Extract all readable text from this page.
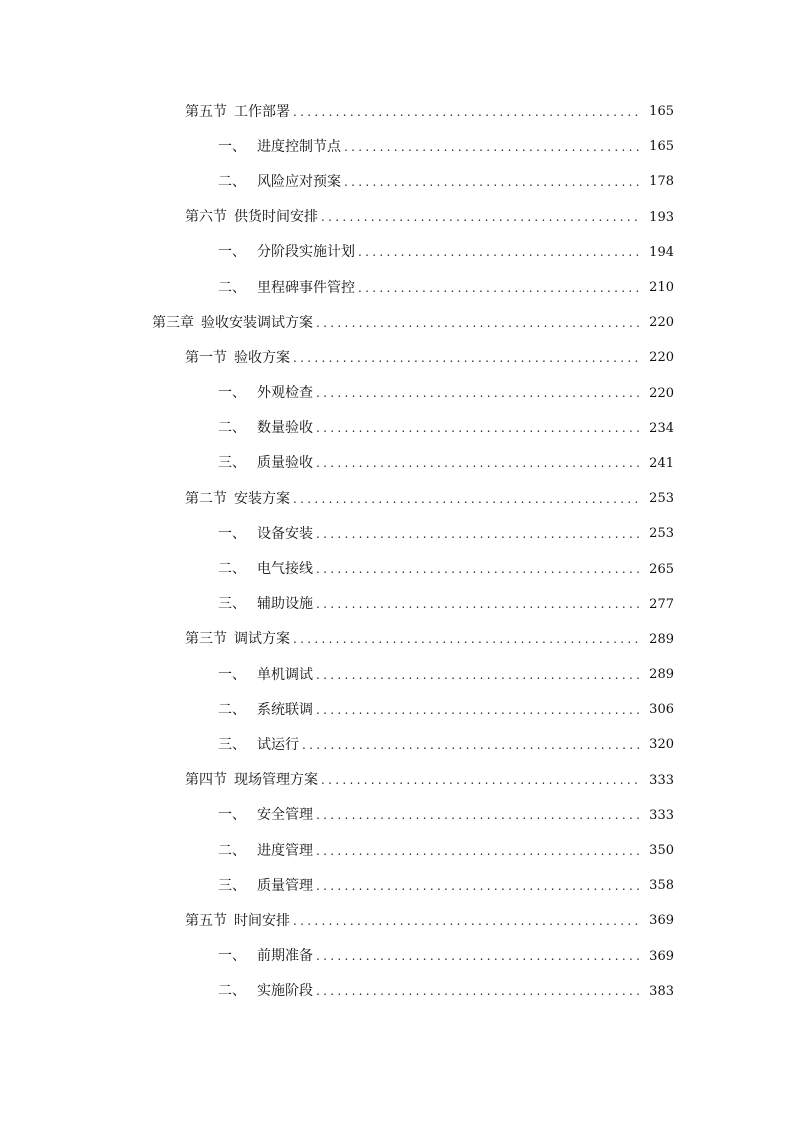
第五节 工作部署 .....	165
一、 进度控制节点 .....	165
二、 风险应对预案 .....	178
第六节 供货时间安排 .....	193
一、 分阶段实施计划 .....	194
二、 里程碑事件管控 .....	210
第三章 验收安装调试方案 .....	220
第一节 验收方案 .....	220
一、 外观检查 .....	220
二、 数量验收 .....	234
三、 质量验收 .....	241
第二节 安装方案 .....	253
一、 设备安装 .....	253
二、 电气接线 .....	265
三、 辅助设施 .....	277
第三节 调试方案 .....	289
一、 单机调试 .....	289
二、 系统联调 .....	306
三、 试运行 .....	320
第四节 现场管理方案 .....	333
一、 安全管理 .....	333
二、 进度管理 .....	350
三、 质量管理 .....	358
第五节 时间安排 .....	369
一、 前期准备 .....	369
二、 实施阶段 .....	383
